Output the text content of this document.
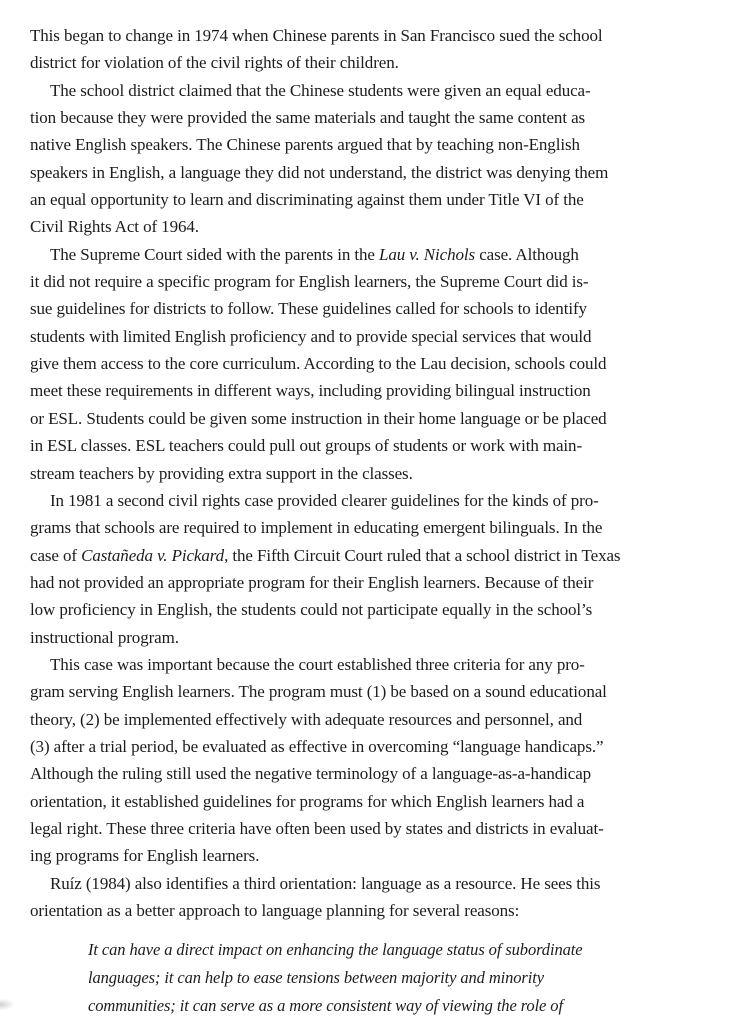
This began to change in 1974 when Chinese parents in San Francisco sued the school
district for violation of the civil rights of their children.
The school district claimed that the Chinese students were given an equal educa-
tion because they were provided the same materials and taught the same content as
native English speakers. The Chinese parents argued that by teaching non-English
speakers in English, a language they did not understand, the district was denying them
an equal opportunity to learn and discriminating against them under Title VI of the
Civil Rights Act of 1964.
The Supreme Court sided with the parents in the Lau v. Nichols case. Although
it did not require a specific program for English learners, the Supreme Court did is-
sue guidelines for districts to follow. These guidelines called for schools to identify
students with limited English proficiency and to provide special services that would
give them access to the core curriculum. According to the Lau decision, schools could
meet these requirements in different ways, including providing bilingual instruction
or ESL. Students could be given some instruction in their home language or be placed
in ESL classes. ESL teachers could pull out groups of students or work with main-
stream teachers by providing extra support in the classes.
In 1981 a second civil rights case provided clearer guidelines for the kinds of pro-
grams that schools are required to implement in educating emergent bilinguals. In the
case of Castañeda v. Pickard, the Fifth Circuit Court ruled that a school district in Texas
had not provided an appropriate program for their English learners. Because of their
low proficiency in English, the students could not participate equally in the school’s
instructional program.
This case was important because the court established three criteria for any pro-
gram serving English learners. The program must (1) be based on a sound educational
theory, (2) be implemented effectively with adequate resources and personnel, and
(3) after a trial period, be evaluated as effective in overcoming “language handicaps.”
Although the ruling still used the negative terminology of a language-as-a-handicap
orientation, it established guidelines for programs for which English learners had a
legal right. These three criteria have often been used by states and districts in evaluat-
ing programs for English learners.
Ruíz (1984) also identifies a third orientation: language as a resource. He sees this
orientation as a better approach to language planning for several reasons:
It can have a direct impact on enhancing the language status of subordinate
languages; it can help to ease tensions between majority and minority
communities; it can serve as a more consistent way of viewing the role of
